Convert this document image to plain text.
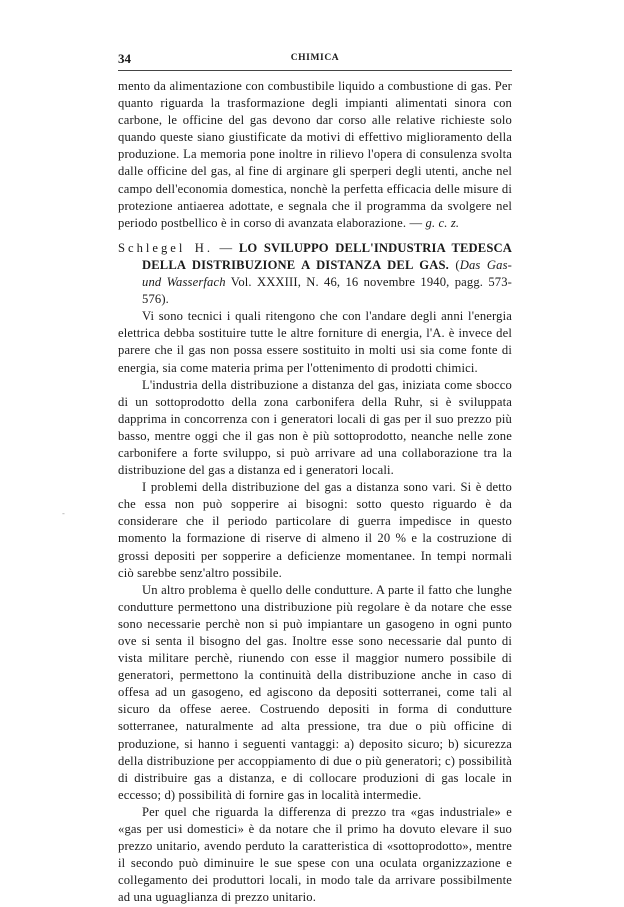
34	CHIMICA
-

mento da alimentazione con combustibile liquido a combustione di gas. Per quanto riguarda la trasformazione degli impianti alimentati sinora con carbone, le officine del gas devono dar corso alle relative richieste solo quando queste siano giustificate da motivi di effettivo miglioramento della produzione. La memoria pone inoltre in rilievo l'opera di consulenza svolta dalle officine del gas, al fine di arginare gli sperperi degli utenti, anche nel campo dell'economia domestica, nonchè la perfetta efficacia delle misure di protezione antiaerea adottate, e segnala che il programma da svolgere nel periodo postbellico è in corso di avanzata elaborazione. — g. c. z.

Schlegel H. — LO SVILUPPO DELL'INDUSTRIA TEDESCA DELLA DISTRIBUZIONE A DISTANZA DEL GAS. (Das Gas- und Wasserfach Vol. XXXIII, N. 46, 16 novembre 1940, pagg. 573-576).

Vi sono tecnici i quali ritengono che con l'andare degli anni l'energia elettrica debba sostituire tutte le altre forniture di energia, l'A. è invece del parere che il gas non possa essere sostituito in molti usi sia come fonte di energia, sia come materia prima per l'ottenimento di prodotti chimici.

L'industria della distribuzione a distanza del gas, iniziata come sbocco di un sottoprodotto della zona carbonifera della Ruhr, si è sviluppata dapprima in concorrenza con i generatori locali di gas per il suo prezzo più basso, mentre oggi che il gas non è più sottoprodotto, neanche nelle zone carbonifere a forte sviluppo, si può arrivare ad una collaborazione tra la distribuzione del gas a distanza ed i generatori locali.

I problemi della distribuzione del gas a distanza sono vari. Si è detto che essa non può sopperire ai bisogni: sotto questo riguardo è da considerare che il periodo particolare di guerra impedisce in questo momento la formazione di riserve di almeno il 20 % e la costruzione di grossi depositi per sopperire a deficienze momentanee. In tempi normali ciò sarebbe senz'altro possibile.

Un altro problema è quello delle condutture. A parte il fatto che lunghe condutture permettono una distribuzione più regolare è da notare che esse sono necessarie perchè non si può impiantare un gasogeno in ogni punto ove si senta il bisogno del gas. Inoltre esse sono necessarie dal punto di vista militare perchè, riunendo con esse il maggior numero possibile di generatori, permettono la continuità della distribuzione anche in caso di offesa ad un gasogeno, ed agiscono da depositi sotterranei, come tali al sicuro da offese aeree. Costruendo depositi in forma di condutture sotterranee, naturalmente ad alta pressione, tra due o più officine di produzione, si hanno i seguenti vantaggi: a) deposito sicuro; b) sicurezza della distribuzione per accoppiamento di due o più generatori; c) possibilità di distribuire gas a distanza, e di collocare produzioni di gas locale in eccesso; d) possibilità di fornire gas in località intermedie.

Per quel che riguarda la differenza di prezzo tra «gas industriale» e «gas per usi domestici» è da notare che il primo ha dovuto elevare il suo prezzo unitario, avendo perduto la caratteristica di «sottoprodotto», mentre il secondo può diminuire le sue spese con una oculata organizzazione e collegamento dei produttori locali, in modo tale da arrivare possibilmente ad una uguaglianza di prezzo unitario.
